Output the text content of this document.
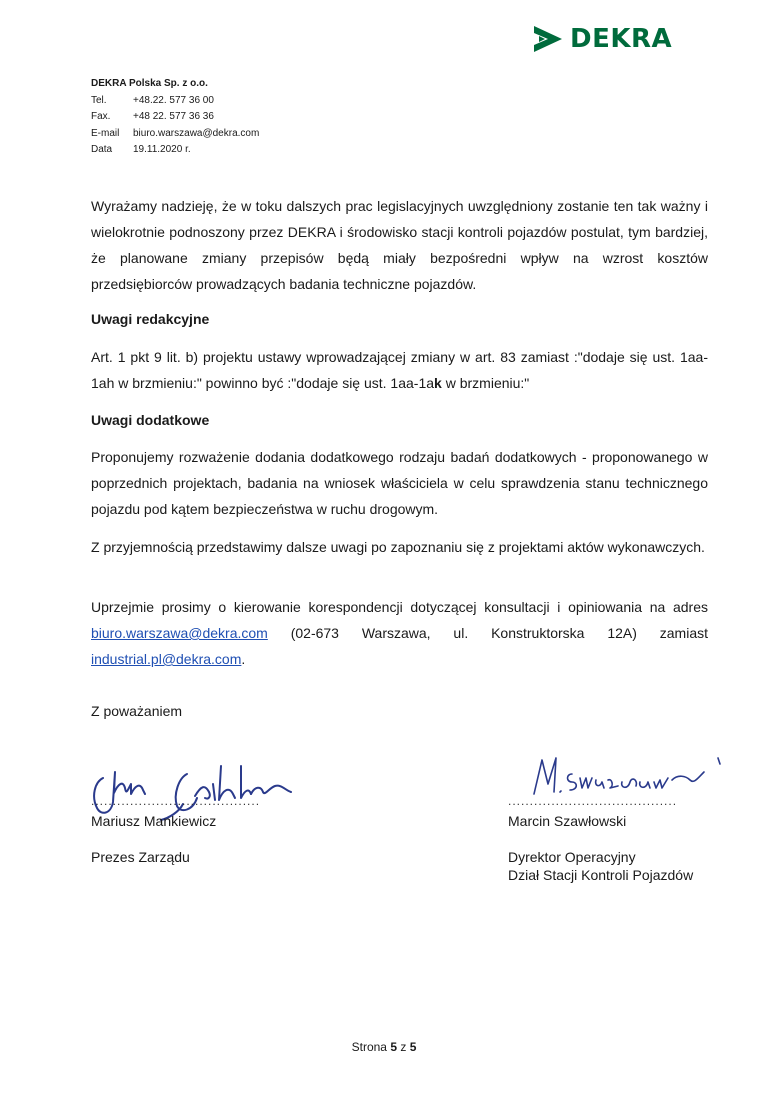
DEKRA
DEKRA Polska Sp. z o.o.
Tel.	+48.22. 577 36 00
Fax.	+48 22. 577 36 36
E-mail	biuro.warszawa@dekra.com
Data	19.11.2020 r.

Wyrażamy nadzieję, że w toku dalszych prac legislacyjnych uwzględniony zostanie ten tak ważny i wielokrotnie podnoszony przez DEKRA i środowisko stacji kontroli pojazdów postulat, tym bardziej, że planowane zmiany przepisów będą miały bezpośredni wpływ na wzrost kosztów przedsiębiorców prowadzących badania techniczne pojazdów.

Uwagi redakcyjne

Art. 1 pkt 9 lit. b) projektu ustawy wprowadzającej zmiany w art. 83 zamiast :"dodaje się ust. 1aa-1ah w brzmieniu:" powinno być :"dodaje się ust. 1aa-1ak w brzmieniu:"

Uwagi dodatkowe

Proponujemy rozważenie dodania dodatkowego rodzaju badań dodatkowych - proponowanego w poprzednich projektach, badania na wniosek właściciela w celu sprawdzenia stanu technicznego pojazdu pod kątem bezpieczeństwa w ruchu drogowym.

Z przyjemnością przedstawimy dalsze uwagi po zapoznaniu się z projektami aktów wykonawczych.

Uprzejmie prosimy o kierowanie korespondencji dotyczącej konsultacji i opiniowania na adres biuro.warszawa@dekra.com (02-673 Warszawa, ul. Konstruktorska 12A) zamiast industrial.pl@dekra.com.

Z poważaniem
.......................................
Mariusz Mankiewicz
Prezes Zarządu
.......................................
Marcin Szawłowski
Dyrektor Operacyjny
Dział Stacji Kontroli Pojazdów
Strona 5 z 5
